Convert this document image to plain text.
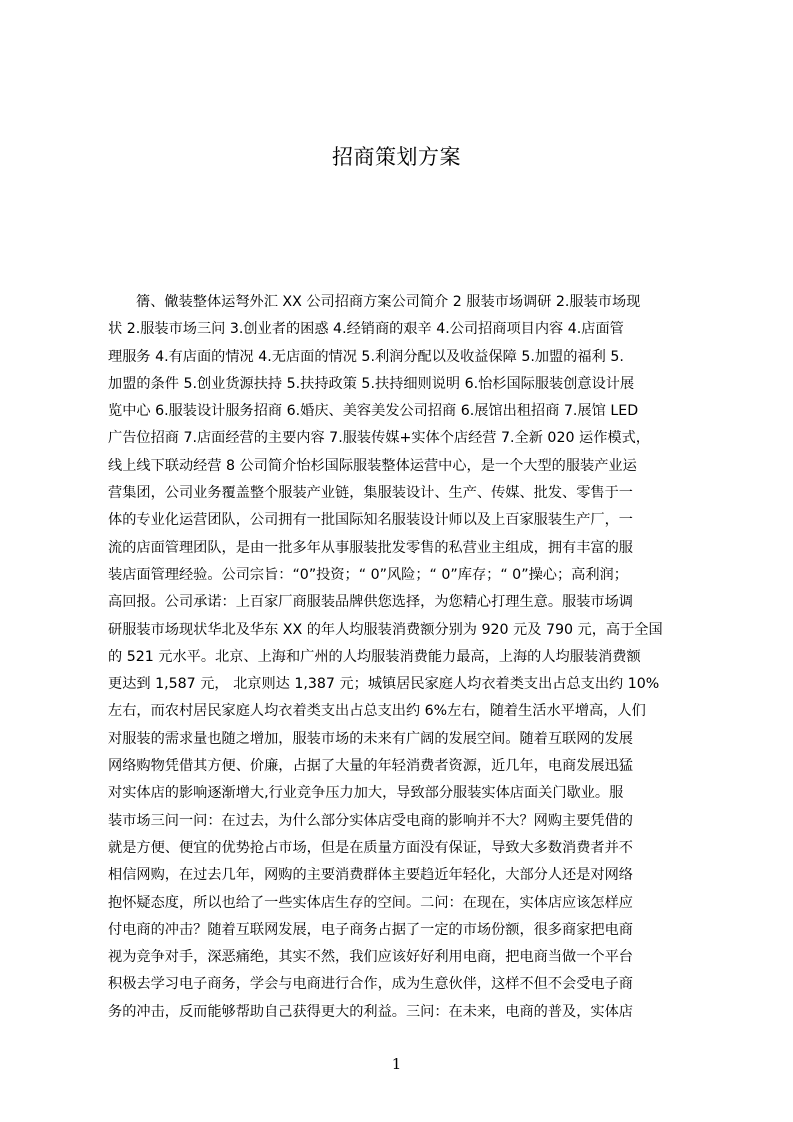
招商策划方案
篟、僘装整体运弩外汇 XX 公司招商方案公司简介 2 服装市场调研 2.服装市场现
状 2.服装市场三问 3.创业者的困惑 4.经销商的艰辛 4.公司招商项目内容 4.店面管
理服务 4.有店面的情况 4.无店面的情况 5.利润分配以及收益保障 5.加盟的福利 5.
加盟的条件 5.创业货源扶持 5.扶持政策 5.扶持细则说明 6.怡杉国际服装创意设计展
览中心 6.服装设计服务招商 6.婚庆、美容美发公司招商 6.展馆出租招商 7.展馆 LED
广告位招商 7.店面经营的主要内容 7.服装传媒+实体个店经营 7.全新 020 运作模式，
线上线下联动经营 8 公司简介怡杉国际服装整体运营中心，是一个大型的服装产业运
营集团，公司业务覆盖整个服装产业链，集服装设计、生产、传媒、批发、零售于一
体的专业化运营团队，公司拥有一批国际知名服装设计师以及上百家服装生产厂，一
流的店面管理团队，是由一批多年从事服装批发零售的私营业主组成，拥有丰富的服
装店面管理经验。公司宗旨：“0”投资；“ 0”风险；“ 0”库存；“ 0”操心；高利润；
高回报。公司承诺：上百家厂商服装品牌供您选择，为您精心打理生意。服装市场调
研服装市场现状华北及华东 XX 的年人均服装消费额分别为 920 元及 790 元，高于全国
的 521 元水平。北京、上海和广州的人均服装消费能力最高，上海的人均服装消费额
更达到 1,587 元， 北京则达 1,387 元；城镇居民家庭人均衣着类支出占总支出约 10%
左右，而农村居民家庭人均衣着类支出占总支出约 6%左右，随着生活水平增高，人们
对服装的需求量也随之增加，服装市场的未来有广阔的发展空间。随着互联网的发展
网络购物凭借其方便、价廉，占据了大量的年轻消费者资源，近几年，电商发展迅猛
对实体店的影响逐渐增大,行业竞争压力加大，导致部分服装实体店面关门歇业。服
装市场三问一问：在过去，为什么部分实体店受电商的影响并不大？网购主要凭借的
就是方便、便宜的优势抢占市场，但是在质量方面没有保证，导致大多数消费者并不
相信网购，在过去几年，网购的主要消费群体主要趋近年轻化，大部分人还是对网络
抱怀疑态度，所以也给了一些实体店生存的空间。二问：在现在，实体店应该怎样应
付电商的冲击？随着互联网发展，电子商务占据了一定的市场份额，很多商家把电商
视为竞争对手，深恶痛绝，其实不然，我们应该好好利用电商，把电商当做一个平台
积极去学习电子商务，学会与电商进行合作，成为生意伙伴，这样不但不会受电子商
务的冲击，反而能够帮助自己获得更大的利益。三问：在未来，电商的普及，实体店
1
